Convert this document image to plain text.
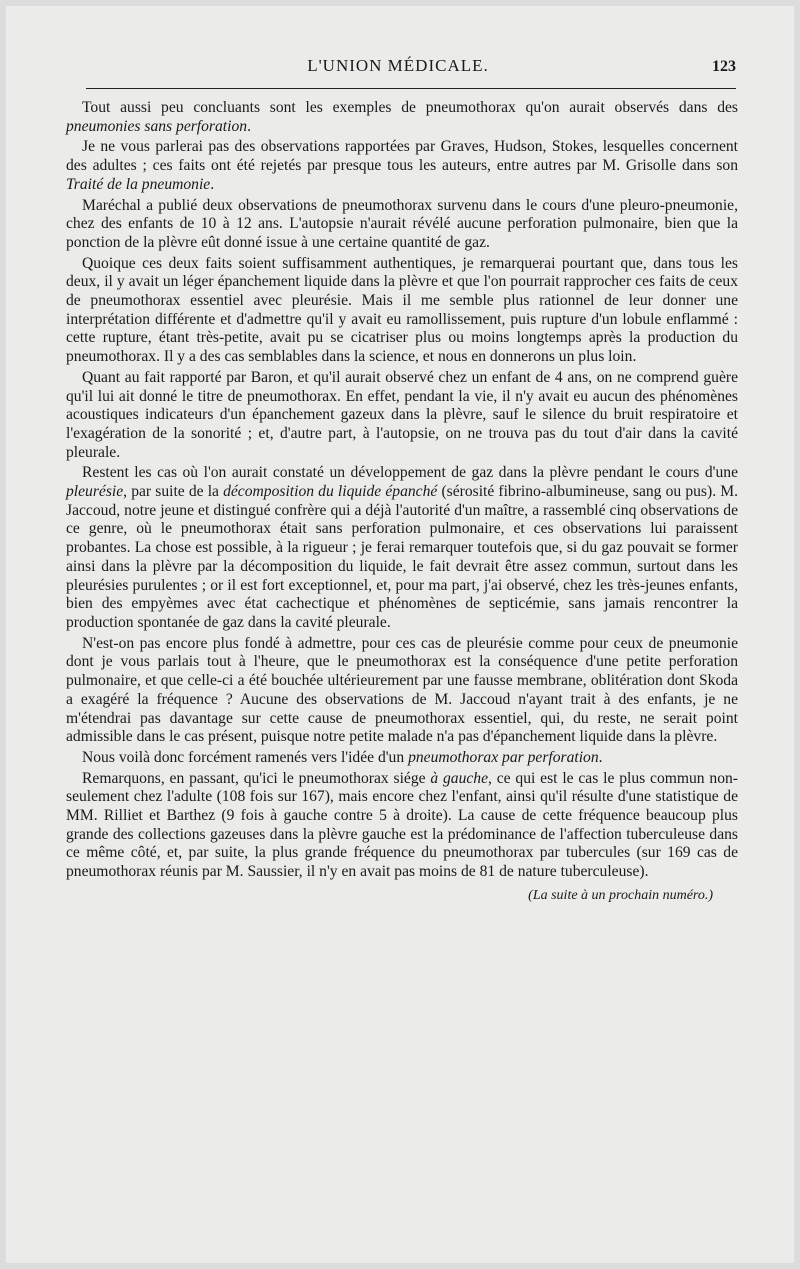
L'UNION MÉDICALE.	123

Tout aussi peu concluants sont les exemples de pneumothorax qu'on aurait observés dans des pneumonies sans perforation.

Je ne vous parlerai pas des observations rapportées par Graves, Hudson, Stokes, lesquelles concernent des adultes ; ces faits ont été rejetés par presque tous les auteurs, entre autres par M. Grisolle dans son Traité de la pneumonie.

Maréchal a publié deux observations de pneumothorax survenu dans le cours d'une pleuro-pneumonie, chez des enfants de 10 à 12 ans. L'autopsie n'aurait révélé aucune perforation pulmonaire, bien que la ponction de la plèvre eût donné issue à une certaine quantité de gaz.

Quoique ces deux faits soient suffisamment authentiques, je remarquerai pourtant que, dans tous les deux, il y avait un léger épanchement liquide dans la plèvre et que l'on pourrait rapprocher ces faits de ceux de pneumothorax essentiel avec pleurésie. Mais il me semble plus rationnel de leur donner une interprétation différente et d'admettre qu'il y avait eu ramollissement, puis rupture d'un lobule enflammé : cette rupture, étant très-petite, avait pu se cicatriser plus ou moins longtemps après la production du pneumothorax. Il y a des cas semblables dans la science, et nous en donnerons un plus loin.

Quant au fait rapporté par Baron, et qu'il aurait observé chez un enfant de 4 ans, on ne comprend guère qu'il lui ait donné le titre de pneumothorax. En effet, pendant la vie, il n'y avait eu aucun des phénomènes acoustiques indicateurs d'un épanchement gazeux dans la plèvre, sauf le silence du bruit respiratoire et l'exagération de la sonorité ; et, d'autre part, à l'autopsie, on ne trouva pas du tout d'air dans la cavité pleurale.

Restent les cas où l'on aurait constaté un développement de gaz dans la plèvre pendant le cours d'une pleurésie, par suite de la décomposition du liquide épanché (sérosité fibrino-albumineuse, sang ou pus). M. Jaccoud, notre jeune et distingué confrère qui a déjà l'autorité d'un maître, a rassemblé cinq observations de ce genre, où le pneumothorax était sans perforation pulmonaire, et ces observations lui paraissent probantes. La chose est possible, à la rigueur ; je ferai remarquer toutefois que, si du gaz pouvait se former ainsi dans la plèvre par la décomposition du liquide, le fait devrait être assez commun, surtout dans les pleurésies purulentes ; or il est fort exceptionnel, et, pour ma part, j'ai observé, chez les très-jeunes enfants, bien des empyèmes avec état cachectique et phénomènes de septicémie, sans jamais rencontrer la production spontanée de gaz dans la cavité pleurale.

N'est-on pas encore plus fondé à admettre, pour ces cas de pleurésie comme pour ceux de pneumonie dont je vous parlais tout à l'heure, que le pneumothorax est la conséquence d'une petite perforation pulmonaire, et que celle-ci a été bouchée ultérieurement par une fausse membrane, oblitération dont Skoda a exagéré la fréquence ? Aucune des observations de M. Jaccoud n'ayant trait à des enfants, je ne m'étendrai pas davantage sur cette cause de pneumothorax essentiel, qui, du reste, ne serait point admissible dans le cas présent, puisque notre petite malade n'a pas d'épanchement liquide dans la plèvre.

Nous voilà donc forcément ramenés vers l'idée d'un pneumothorax par perforation.

Remarquons, en passant, qu'ici le pneumothorax siége à gauche, ce qui est le cas le plus commun non-seulement chez l'adulte (108 fois sur 167), mais encore chez l'enfant, ainsi qu'il résulte d'une statistique de MM. Rilliet et Barthez (9 fois à gauche contre 5 à droite). La cause de cette fréquence beaucoup plus grande des collections gazeuses dans la plèvre gauche est la prédominance de l'affection tuberculeuse dans ce même côté, et, par suite, la plus grande fréquence du pneumothorax par tubercules (sur 169 cas de pneumothorax réunis par M. Saussier, il n'y en avait pas moins de 81 de nature tuberculeuse).

(La suite à un prochain numéro.)
